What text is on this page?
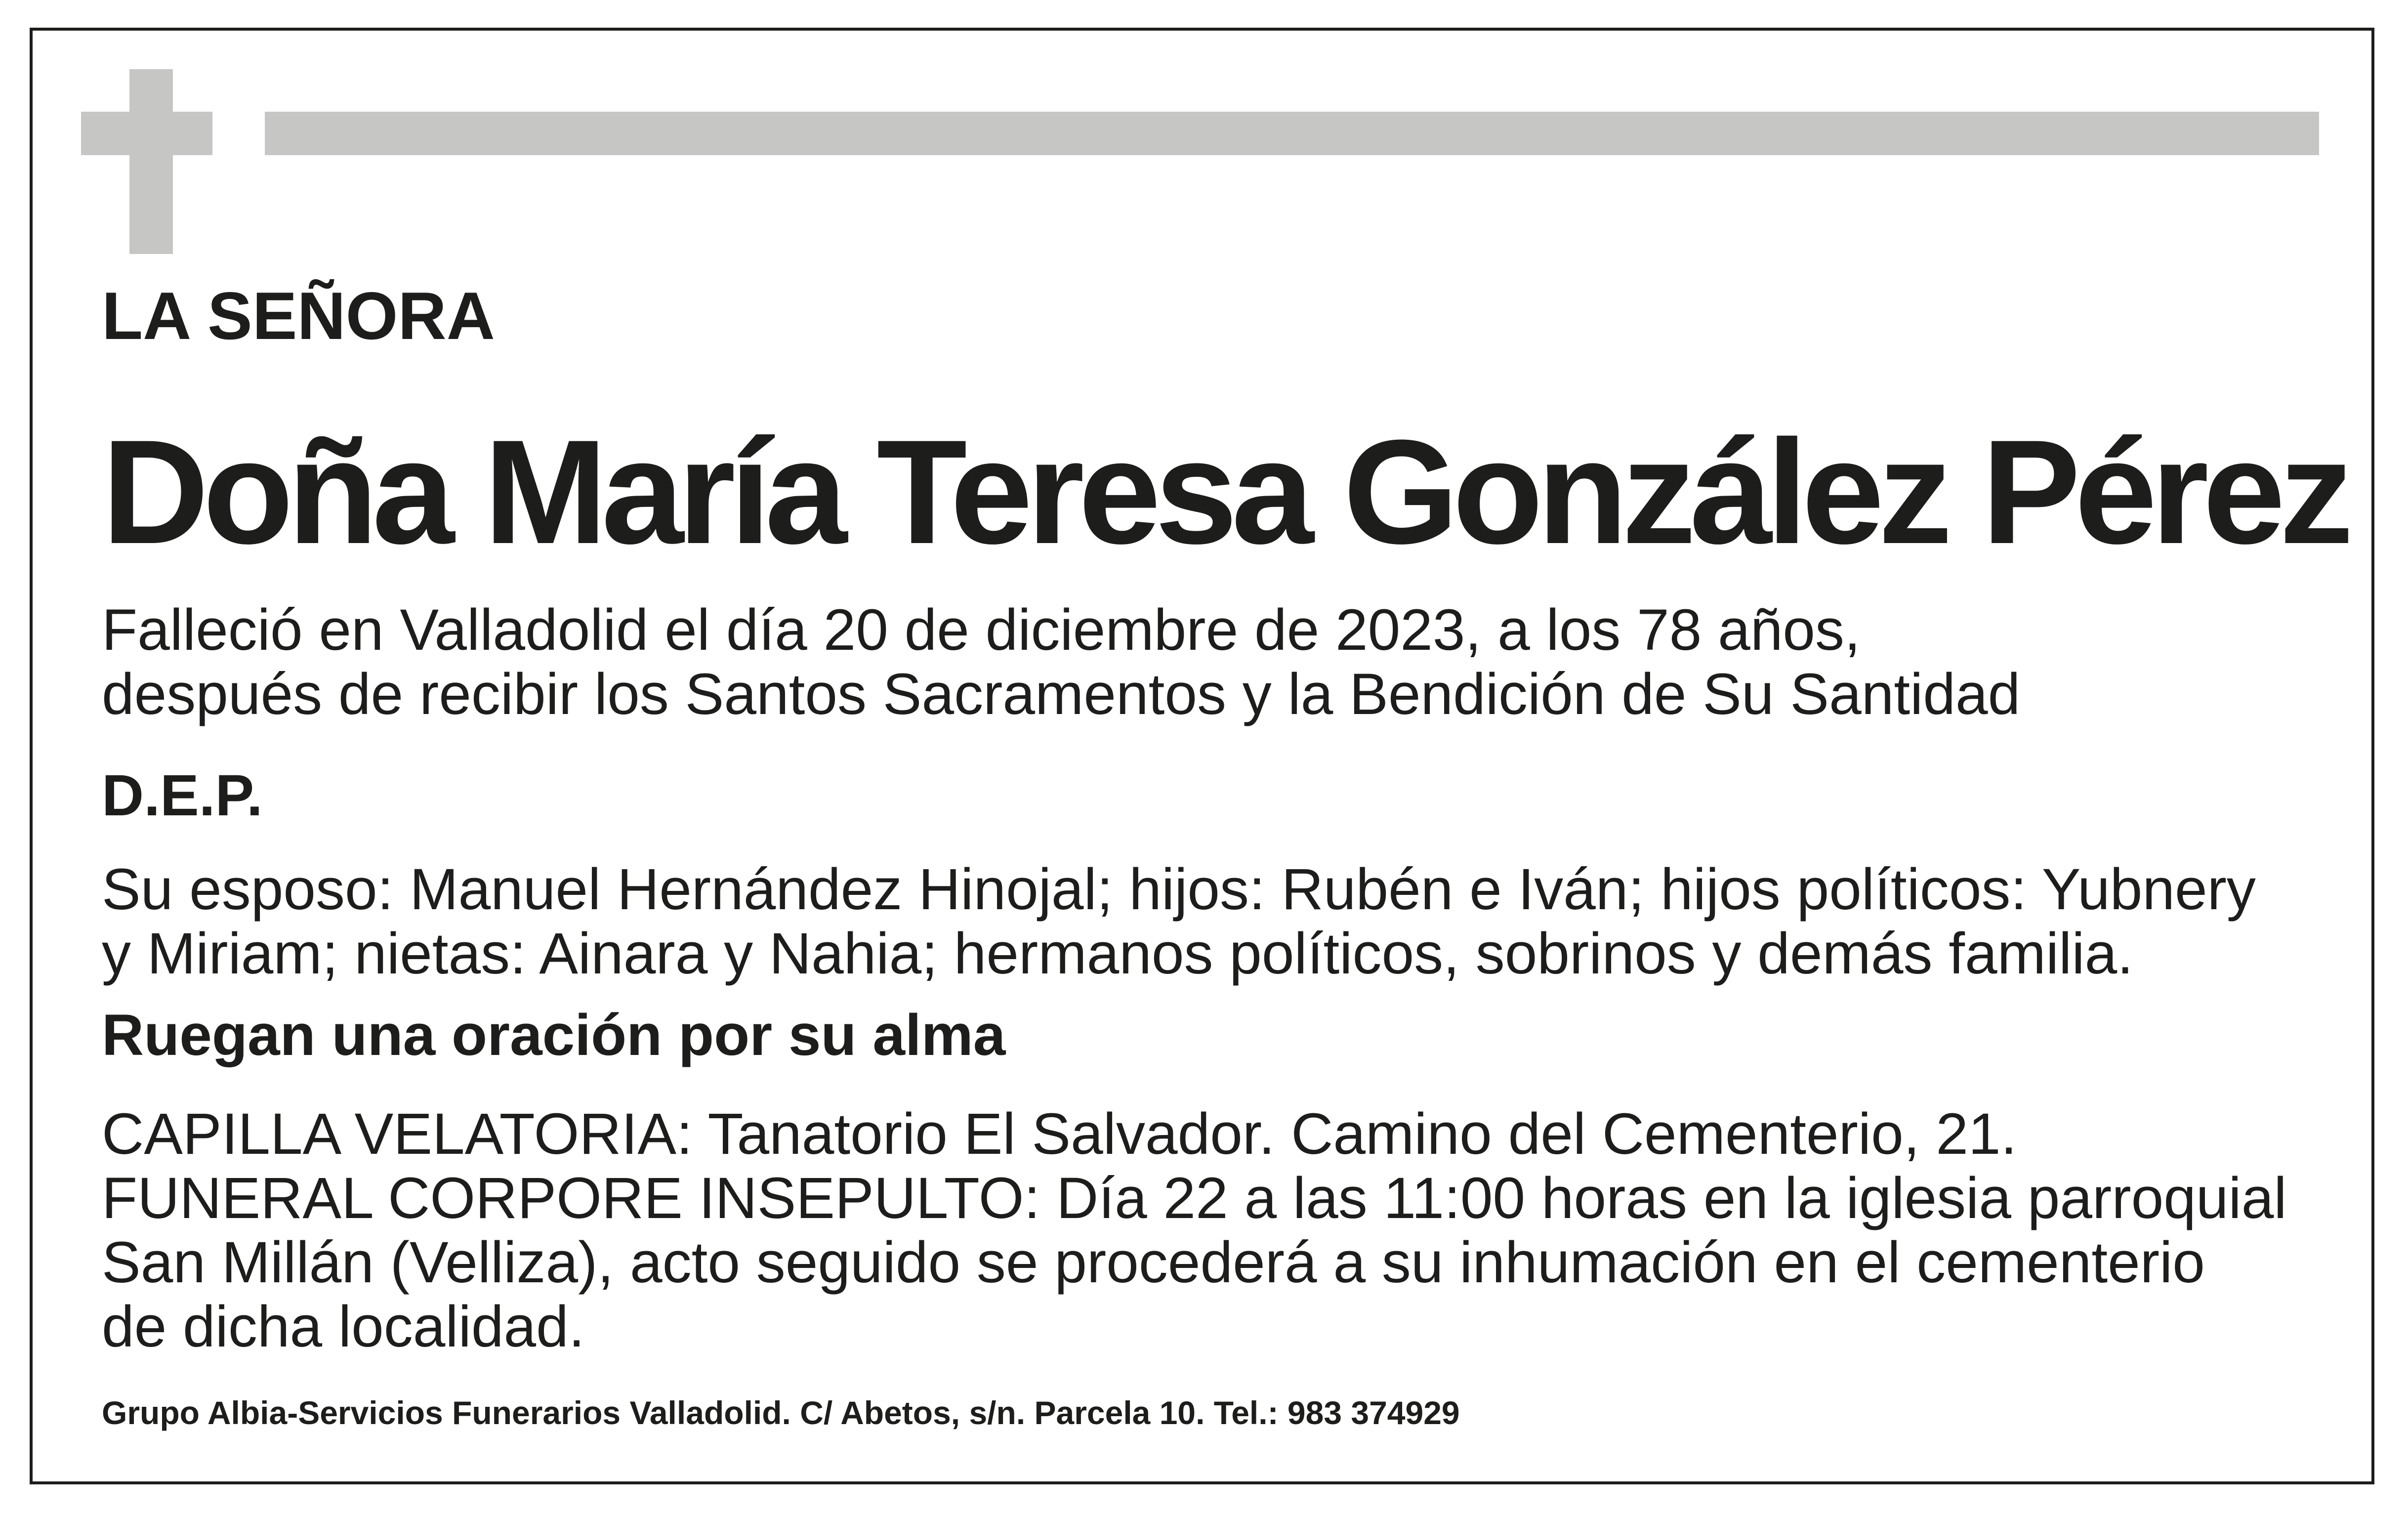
LA SEÑORA

Doña María Teresa González Pérez

Falleció en Valladolid el día 20 de diciembre de 2023, a los 78 años,
después de recibir los Santos Sacramentos y la Bendición de Su Santidad

D.E.P.

Su esposo: Manuel Hernández Hinojal; hijos: Rubén e Iván; hijos políticos: Yubnery
y Miriam; nietas: Ainara y Nahia; hermanos políticos, sobrinos y demás familia.

Ruegan una oración por su alma

CAPILLA VELATORIA: Tanatorio El Salvador. Camino del Cementerio, 21.
FUNERAL CORPORE INSEPULTO: Día 22 a las 11:00 horas en la iglesia parroquial
San Millán (Velliza), acto seguido se procederá a su inhumación en el cementerio
de dicha localidad.

Grupo Albia-Servicios Funerarios Valladolid. C/ Abetos, s/n. Parcela 10. Tel.: 983 374929
